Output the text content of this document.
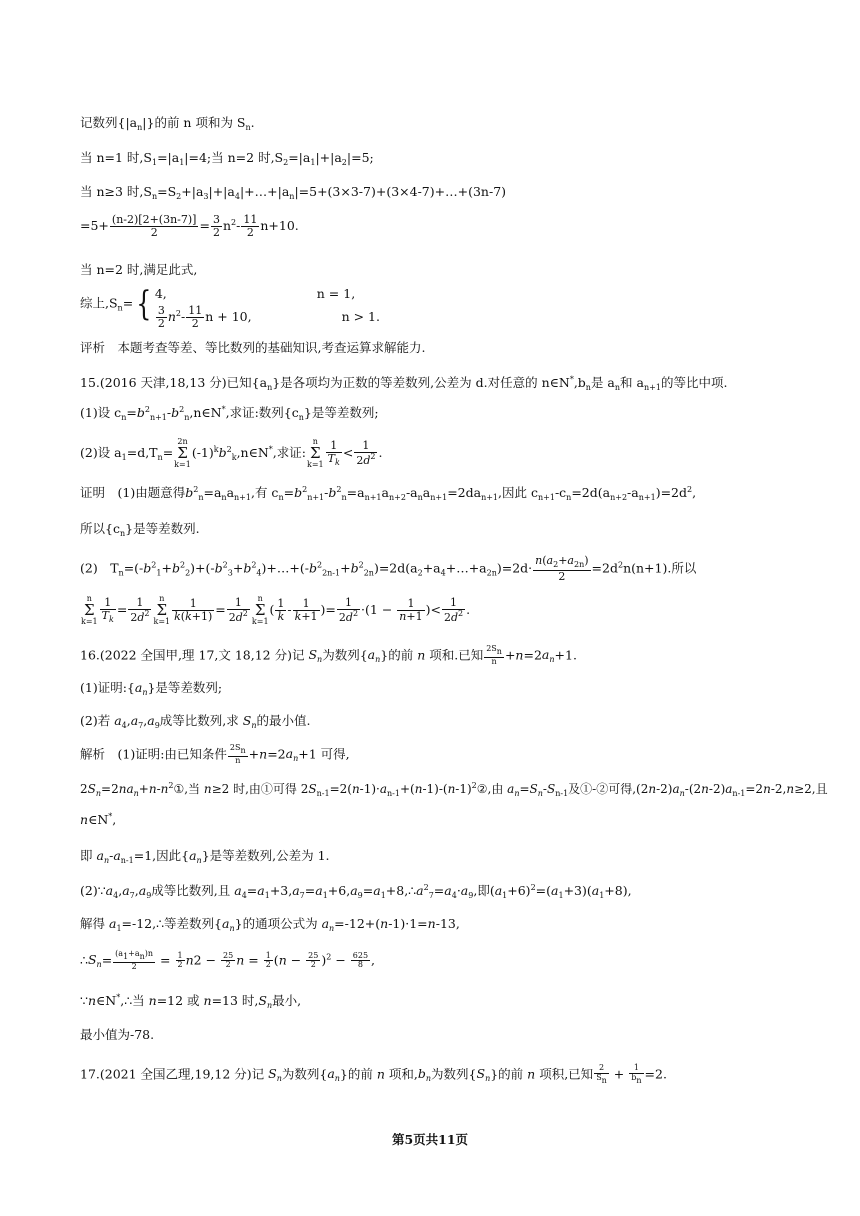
记数列$\{|a_n|\}$的前 n 项和为 $S_n$.
当 n=1 时$,S_1=|a_1|=4$;当 n=2 时$,S_2=|a_1|+|a_2|=5$;
当 n≥3 时$,S_n=S_2+|a_3|+|a_4|+\dots+|a_n|=5+(3\times 3-7)+(3\times 4-7)+\dots+(3n-7)$
$=5+ \frac{(n-2)[2+(3n-7)]}{2} = \frac{3}{2} n^2- \frac{11}{2} n+10$.
当 n=2 时,满足此式,
综上$,S_n=${ 4,	n = 1,
$\frac{3}{2} n^2- \frac{11}{2}$ n + 10,	n > 1.
评析　本题考查等差、等比数列的基础知识,考查运算求解能力.
15.(2016 天津,18,13 分)已知$\{a_n\}$是各项均为正数的等差数列,公差为 d.对任意的 $n\in N^*,b_n$是 $a_n$和 $a_{n+1}$的等比中项.
(1)设 $c_n=b^2_{n+1}-b^2_n,n\in N^*$,求证:数列$\{c_n\}$是等差数列;
(2)设 $a_1=d,T_n=2n$
Σ
$k=1(-1)^kb^2_k,n\in N^*$,求证:n
Σ
$k=1 \frac{1}{T_k} < \frac{1}{2d^2}$ .
证明　(1)由题意得$b^2_n=a_na_{n+1}$,有 $c_n=b^2_{n+1}-b^2_n=a_{n+1}a_{n+2}-a_na_{n+1}=2da_{n+1}$,因此 $c_{n+1}-c_n=2d(a_{n+2}-a_{n+1})=2d^2$,
所以$\{c_n\}$是等差数列.
(2)　$T_n=(-b^2_1+b^2_2)+(-b^2_3+b^2_4)+\dots+(-b^2_{2n-1}+b^2_{2n})=2d(a_2+a_4+\dots+a_{2n})=2d\cdot \frac{n(a_2+a_{2n})}{2} =2d^2n(n+1)$.所以
n
Σ
$k=1 \frac{1}{T_k} = \frac{1}{2d^2}$ n
Σ
$k=1 \frac{1}{k(k+1)} = \frac{1}{2d^2}$ n
Σ
$k=1( \frac{1}{k} - \frac{1}{k+1}$ )= $\frac{1}{2d^2} \cdot(1 - \frac{1}{n+1}$ )< $\frac{1}{2d^2}$ .
16.(2022 全国甲,理 17,文 18,12 分)记 $S_n$为数列$\{a_n\}$的前 n 项和.已知 $\frac{2Sn}{n} +n=2a_n+1$.
(1)证明$:\{a_n\}$是等差数列;
(2)若 $a_4,a_7,a_9$成等比数列,求 $S_n$的最小值.
解析　(1)证明:由已知条件 $\frac{2Sn}{n} +n=2a_n+1$ 可得,
$2S_n=2na_n+n-n^2①$,当 n≥2 时,由①可得 $2S_{n-1}=2(n-1)\cdot a_{n-1}+(n-1)-(n-1)^2②$,由 $a_n=S_n-S_{n-1}$及①-②可得$,(2n-2)a_n-(2n-2)a_{n-1}=2n-2,n\ge 2$,且
n∈N*,
即 $a_n-a_{n-1}=1$,因此$\{a_n\}$是等差数列,公差为 1.
$(2)\because a_4,a_7,a_9$成等比数列,且 $a_4=a_1+3,a_7=a_1+6,a_9=a_1+8,\therefore a^2_7=a_4\cdot a_9$,即$(a_1+6)^2=(a_1+3)(a_1+8)$,
解得 $a_1=-12,\therefore$等差数列$\{a_n\}$的通项公式为 $a_n=-12+(n-1)\cdot 1=n-13$,
$\therefore S_n= \frac{(a1+an)n}{2} = \frac{1}{2} n2 - \frac{25}{2}$ $n = \frac{1}{2} (n - \frac{25}{2} )^2 - \frac{625}{8}$ ,
∵n∈N*,∴当 n=12 或 n=13 时$,S_n$最小,
最小值为-78.
17.(2021 全国乙理,19,12 分)记 $S_n$为数列$\{a_n\}$的前 n 项和$,b_n$为数列$\{S_n\}$的前 n 项积,已知 $\frac{2}{Sn} + \frac{1}{bn} =2$.
第5页共11页
